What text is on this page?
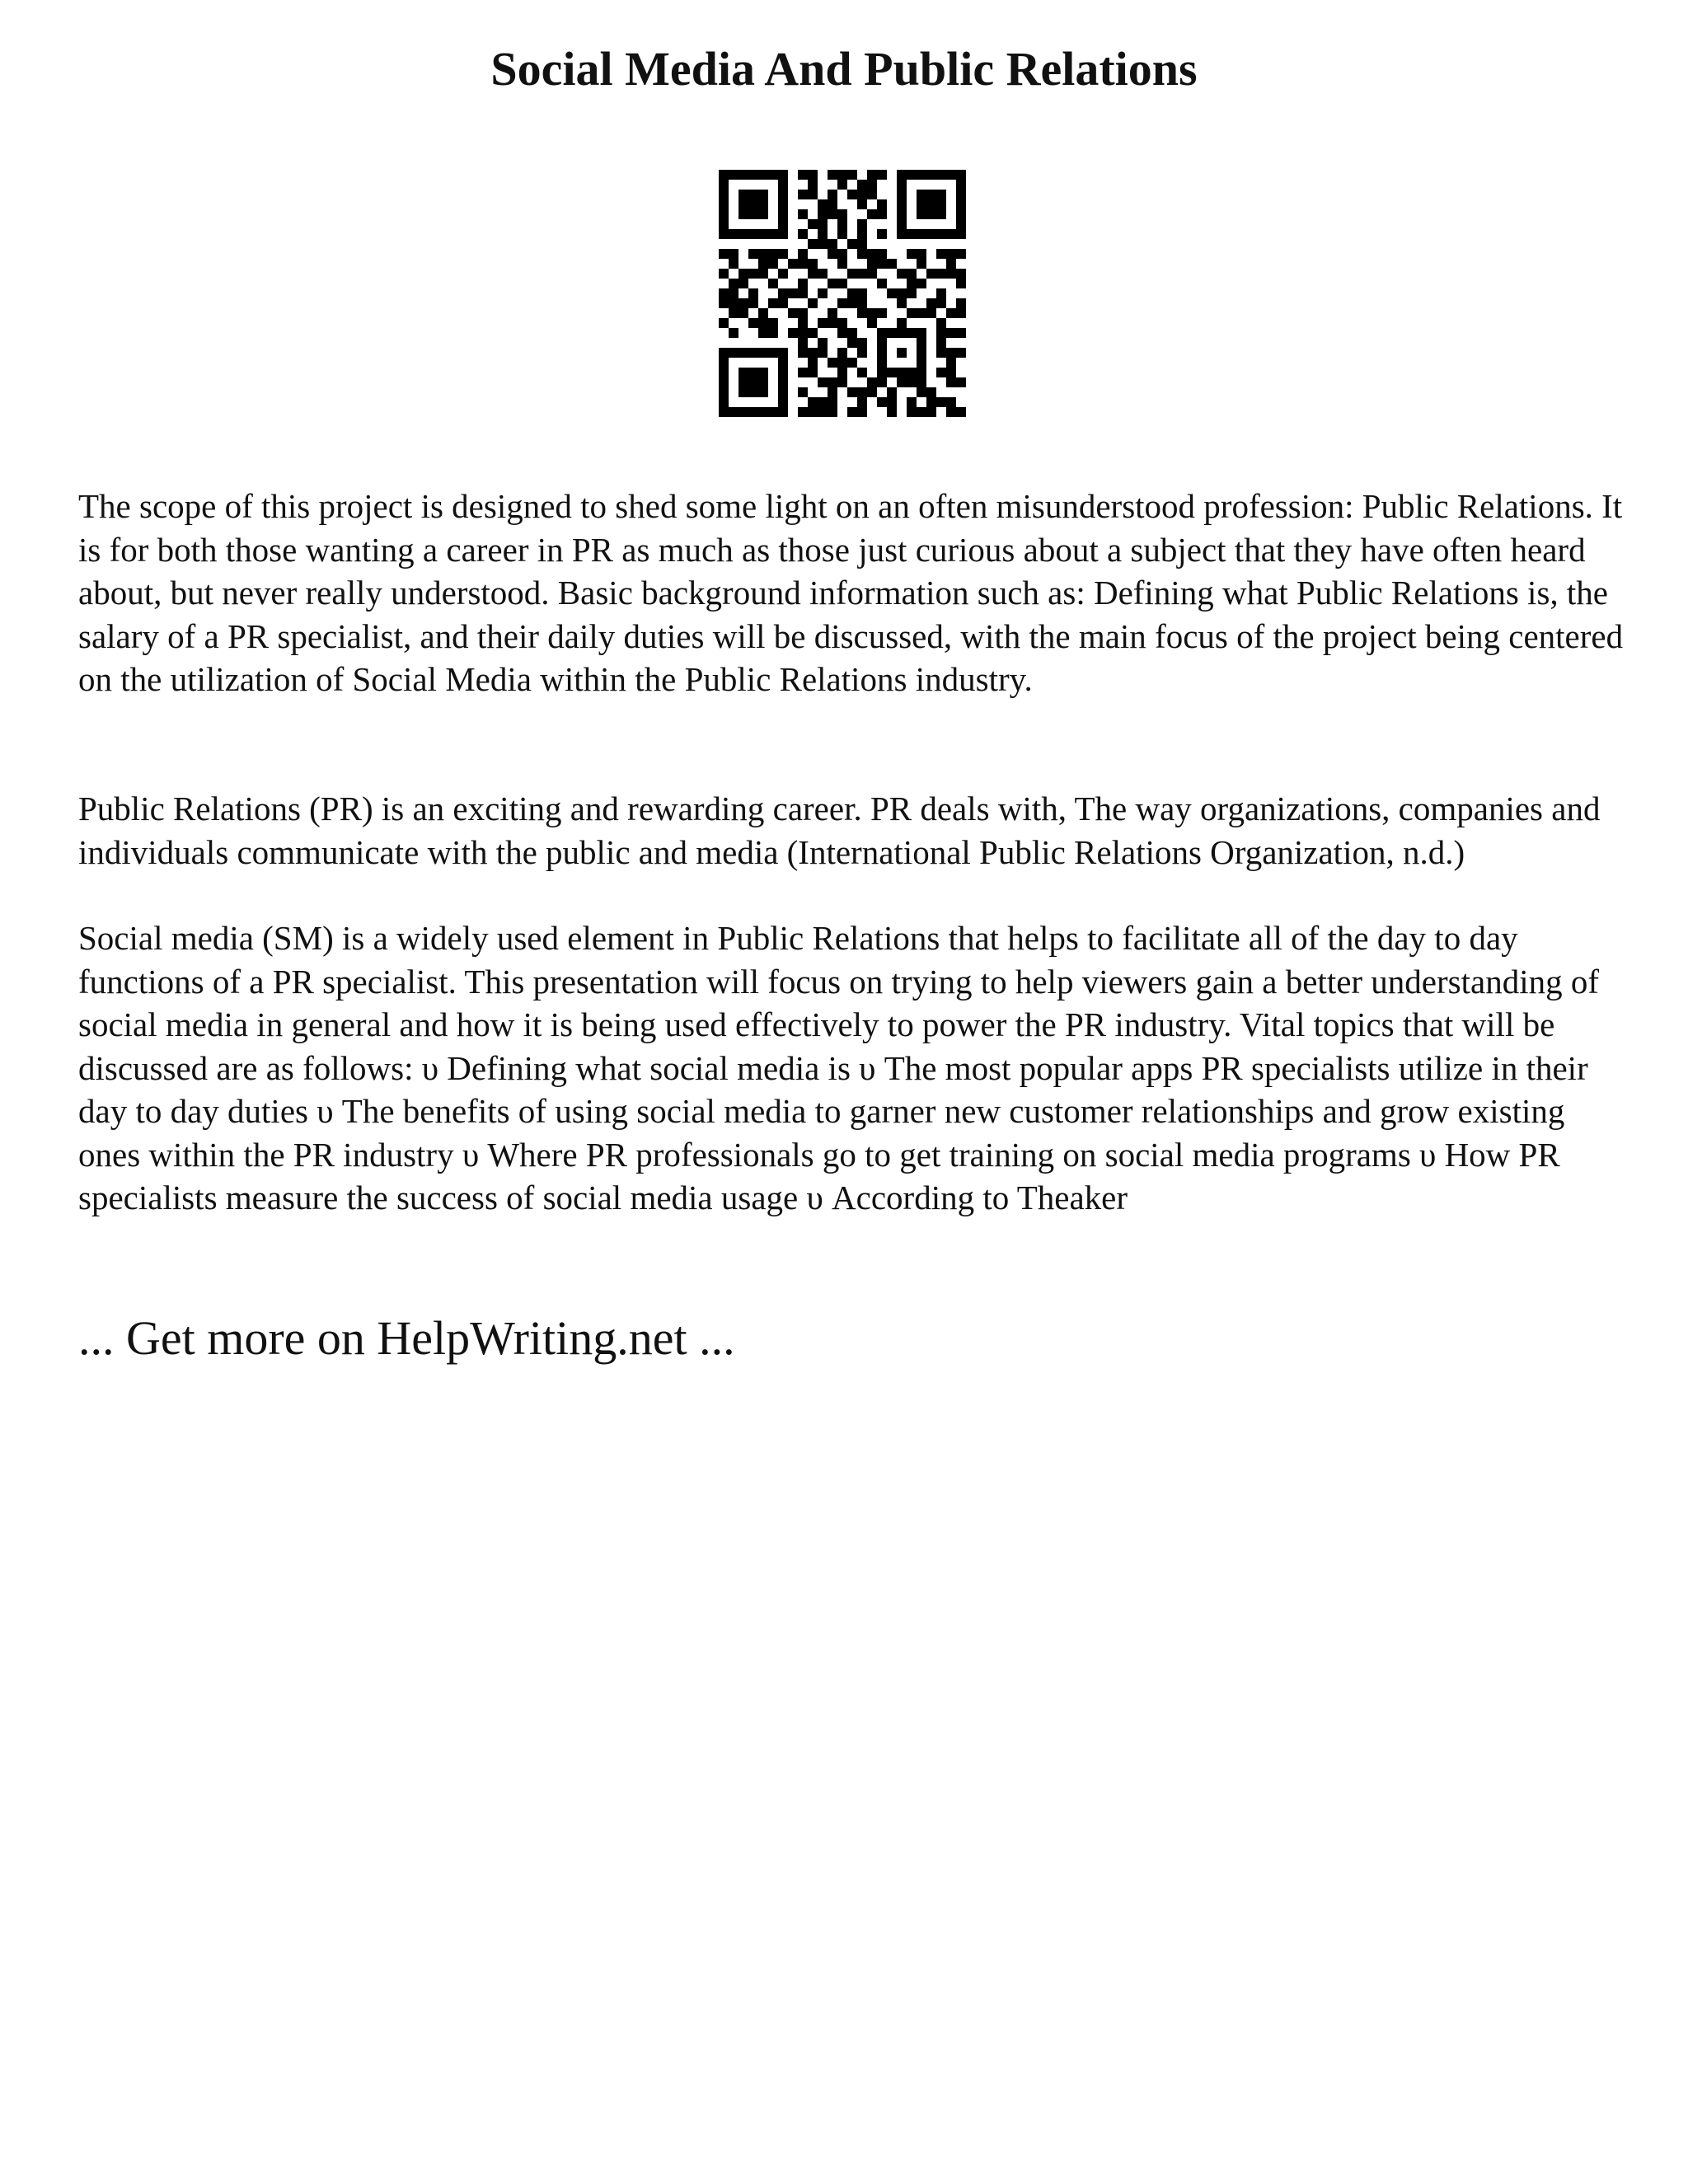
Social Media And Public Relations

The scope of this project is designed to shed some light on an often misunderstood profession: Public Relations. It is for both those wanting a career in PR as much as those just curious about a subject that they have often heard about, but never really understood. Basic background information such as: Defining what Public Relations is, the salary of a PR specialist, and their daily duties will be discussed, with the main focus of the project being centered on the utilization of Social Media within the Public Relations industry.

Public Relations (PR) is an exciting and rewarding career. PR deals with, The way organizations, companies and individuals communicate with the public and media (International Public Relations Organization, n.d.)

Social media (SM) is a widely used element in Public Relations that helps to facilitate all of the day to day functions of a PR specialist. This presentation will focus on trying to help viewers gain a better understanding of social media in general and how it is being used effectively to power the PR industry. Vital topics that will be discussed are as follows: υ Defining what social media is υ The most popular apps PR specialists utilize in their day to day duties υ The benefits of using social media to garner new customer relationships and grow existing ones within the PR industry υ Where PR professionals go to get training on social media programs υ How PR specialists measure the success of social media usage υ According to Theaker

... Get more on HelpWriting.net ...
